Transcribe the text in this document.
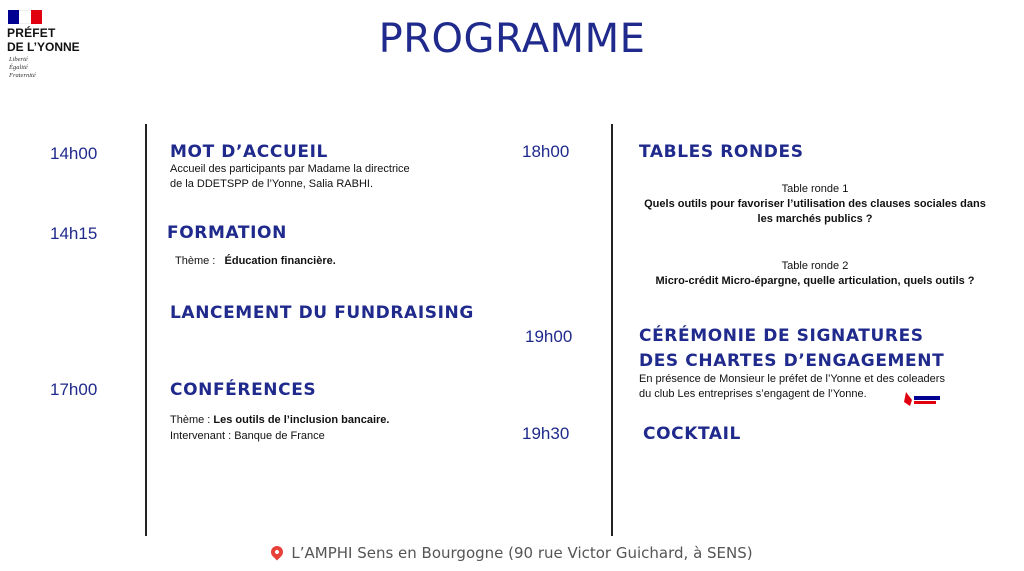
PRÉFET
DE L’YONNE
Liberté
Égalité
Fraternité
PROGRAMME
14h00	MOT D’ACCUEIL
Accueil des participants par Madame la directrice
de la DDETSPP de l’Yonne, Salia RABHI.
14h15	FORMATION
Thème : Éducation financière.
LANCEMENT DU FUNDRAISING
17h00	CONFÉRENCES
Thème : Les outils de l’inclusion bancaire.
Intervenant : Banque de France
18h00	TABLES RONDES
Table ronde 1
Quels outils pour favoriser l’utilisation des clauses sociales dans
les marchés publics ?
Table ronde 2
Micro-crédit Micro-épargne, quelle articulation, quels outils ?
19h00	CÉRÉMONIE DE SIGNATURES
DES CHARTES D’ENGAGEMENT
En présence de Monsieur le préfet de l’Yonne et des coleaders
du club Les entreprises s’engagent de l’Yonne.
19h30	COCKTAIL
L’AMPHI Sens en Bourgogne (90 rue Victor Guichard, à SENS)
